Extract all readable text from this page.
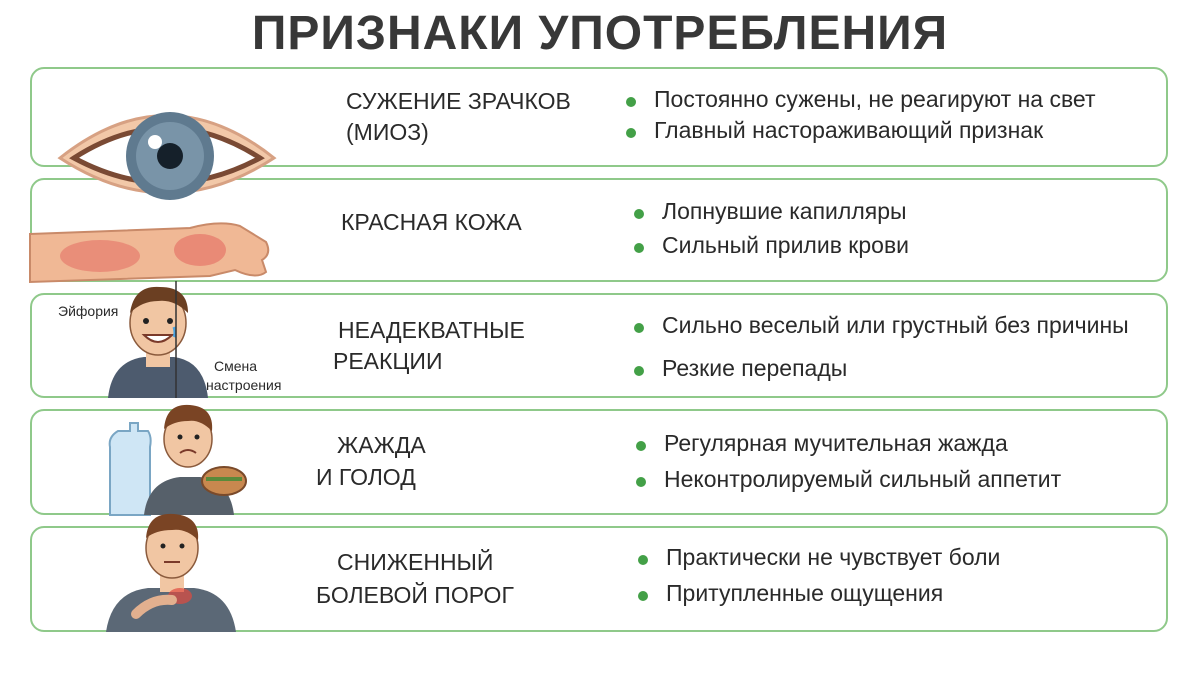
ПРИЗНАКИ УПОТРЕБЛЕНИЯ
Эйфория
Смена
настроения
СУЖЕНИЕ ЗРАЧКОВ
(МИОЗ)
КРАСНАЯ КОЖА
НЕАДЕКВАТНЫЕ
РЕАКЦИИ
ЖАЖДА
И ГОЛОД
СНИЖЕННЫЙ
БОЛЕВОЙ ПОРОГ
Постоянно сужены, не реагируют на свет
Главный настораживающий признак
Лопнувшие капилляры
Сильный прилив крови
Сильно веселый или грустный без причины
Резкие перепады
Регулярная мучительная жажда
Неконтролируемый сильный аппетит
Практически не чувствует боли
Притупленные ощущения
